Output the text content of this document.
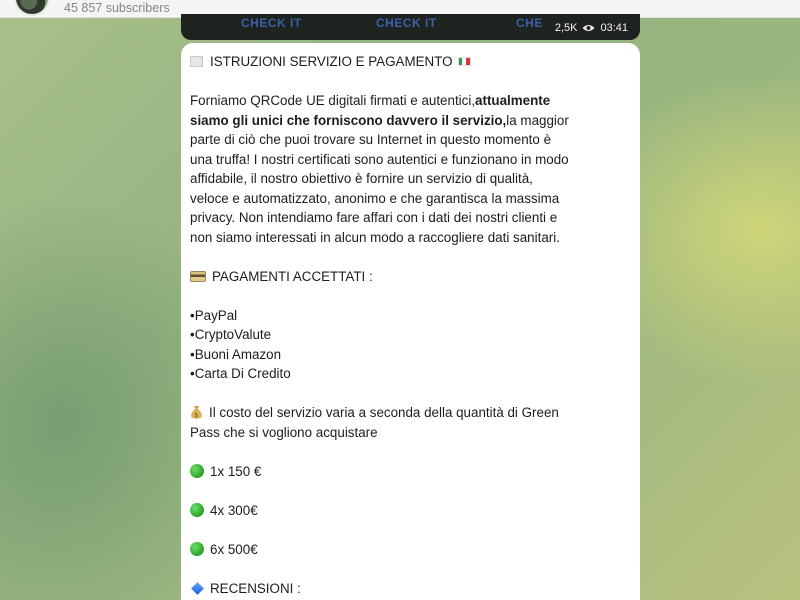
45 857 subscribers
CHECK IT	CHECK IT	CHE 2,5K 03:41
ISTRUZIONI SERVIZIO E PAGAMENTO
Forniamo QRCode UE digitali firmati e autentici, attualmente
siamo gli unici che forniscono davvero il servizio, la maggior
parte di ciò che puoi trovare su Internet in questo momento è
una truffa! I nostri certificati sono autentici e funzionano in modo
affidabile, il nostro obiettivo è fornire un servizio di qualità,
veloce e automatizzato, anonimo e che garantisca la massima
privacy. Non intendiamo fare affari con i dati dei nostri clienti e
non siamo interessati in alcun modo a raccogliere dati sanitari.
PAGAMENTI ACCETTATI :
•PayPal
•CryptoValute
•Buoni Amazon
•Carta Di Credito
$ Il costo del servizio varia a seconda della quantità di Green
Pass che si vogliono acquistare
1x 150 €
4x 300€
6x 500€
RECENSIONI :
